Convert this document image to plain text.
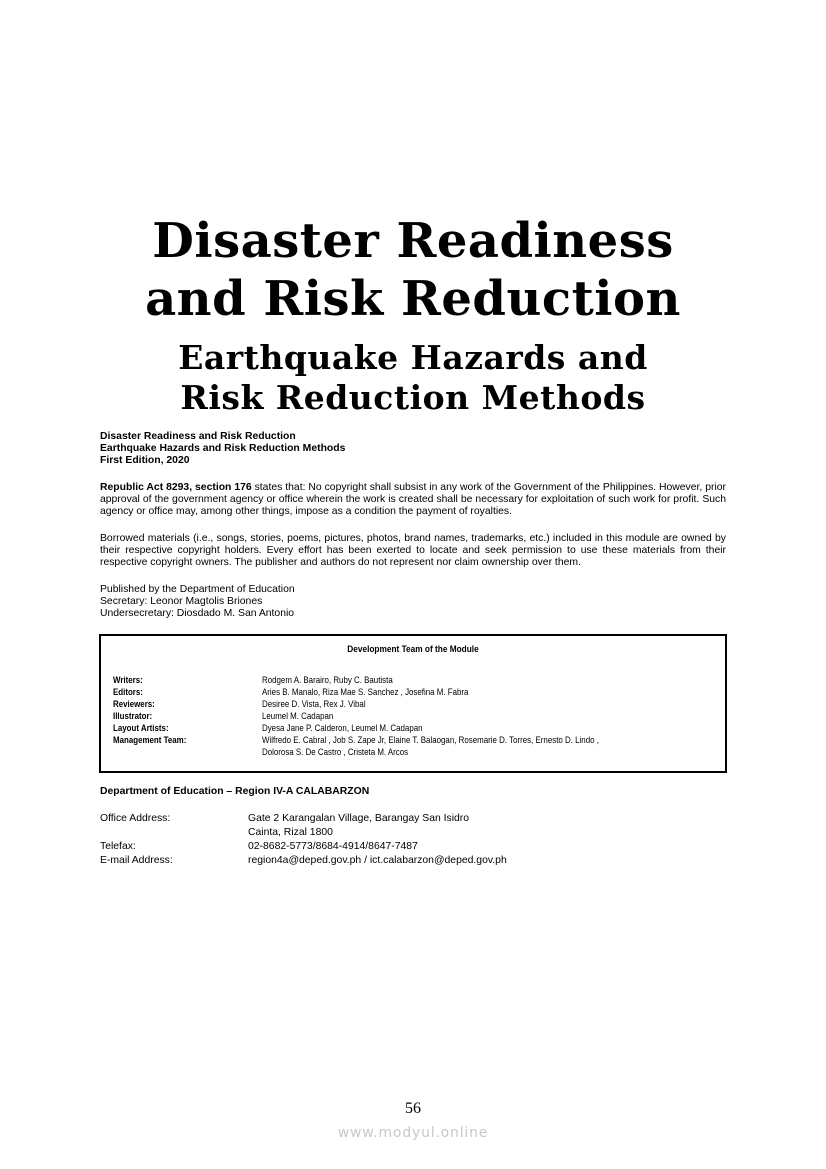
Disaster Readiness
and Risk Reduction
Earthquake Hazards and
Risk Reduction Methods
Disaster Readiness and Risk Reduction
Earthquake Hazards and Risk Reduction Methods
First Edition, 2020
Republic Act 8293, section 176 states that: No copyright shall subsist in any work of the Government of the Philippines. However, prior approval of the government agency or office wherein the work is created shall be necessary for exploitation of such work for profit. Such agency or office may, among other things, impose as a condition the payment of royalties.
Borrowed materials (i.e., songs, stories, poems, pictures, photos, brand names, trademarks, etc.) included in this module are owned by their respective copyright holders. Every effort has been exerted to locate and seek permission to use these materials from their respective copyright owners. The publisher and authors do not represent nor claim ownership over them.
Published by the Department of Education
Secretary: Leonor Magtolis Briones
Undersecretary: Diosdado M. San Antonio
Development Team of the Module
Writers:	Rodgem A. Barairo, Ruby C. Bautista
Editors:	Aries B. Manalo, Riza Mae S. Sanchez , Josefina M. Fabra
Reviewers:	Desiree D. Vista, Rex J. Vibal
Illustrator:	Leumel M. Cadapan
Layout Artists:	Dyesa Jane P. Calderon, Leumel M. Cadapan
Management Team:	Wilfredo E. Cabral , Job S. Zape Jr, Elaine T. Balaogan, Rosemarie D. Torres, Ernesto D. Lindo ,
Dolorosa S. De Castro , Cristeta M. Arcos
Department of Education – Region IV-A CALABARZON
Office Address:	Gate 2 Karangalan Village, Barangay San Isidro
Cainta, Rizal 1800
Telefax:	02-8682-5773/8684-4914/8647-7487
E-mail Address:	region4a@deped.gov.ph / ict.calabarzon@deped.gov.ph
56
www.modyul.online
